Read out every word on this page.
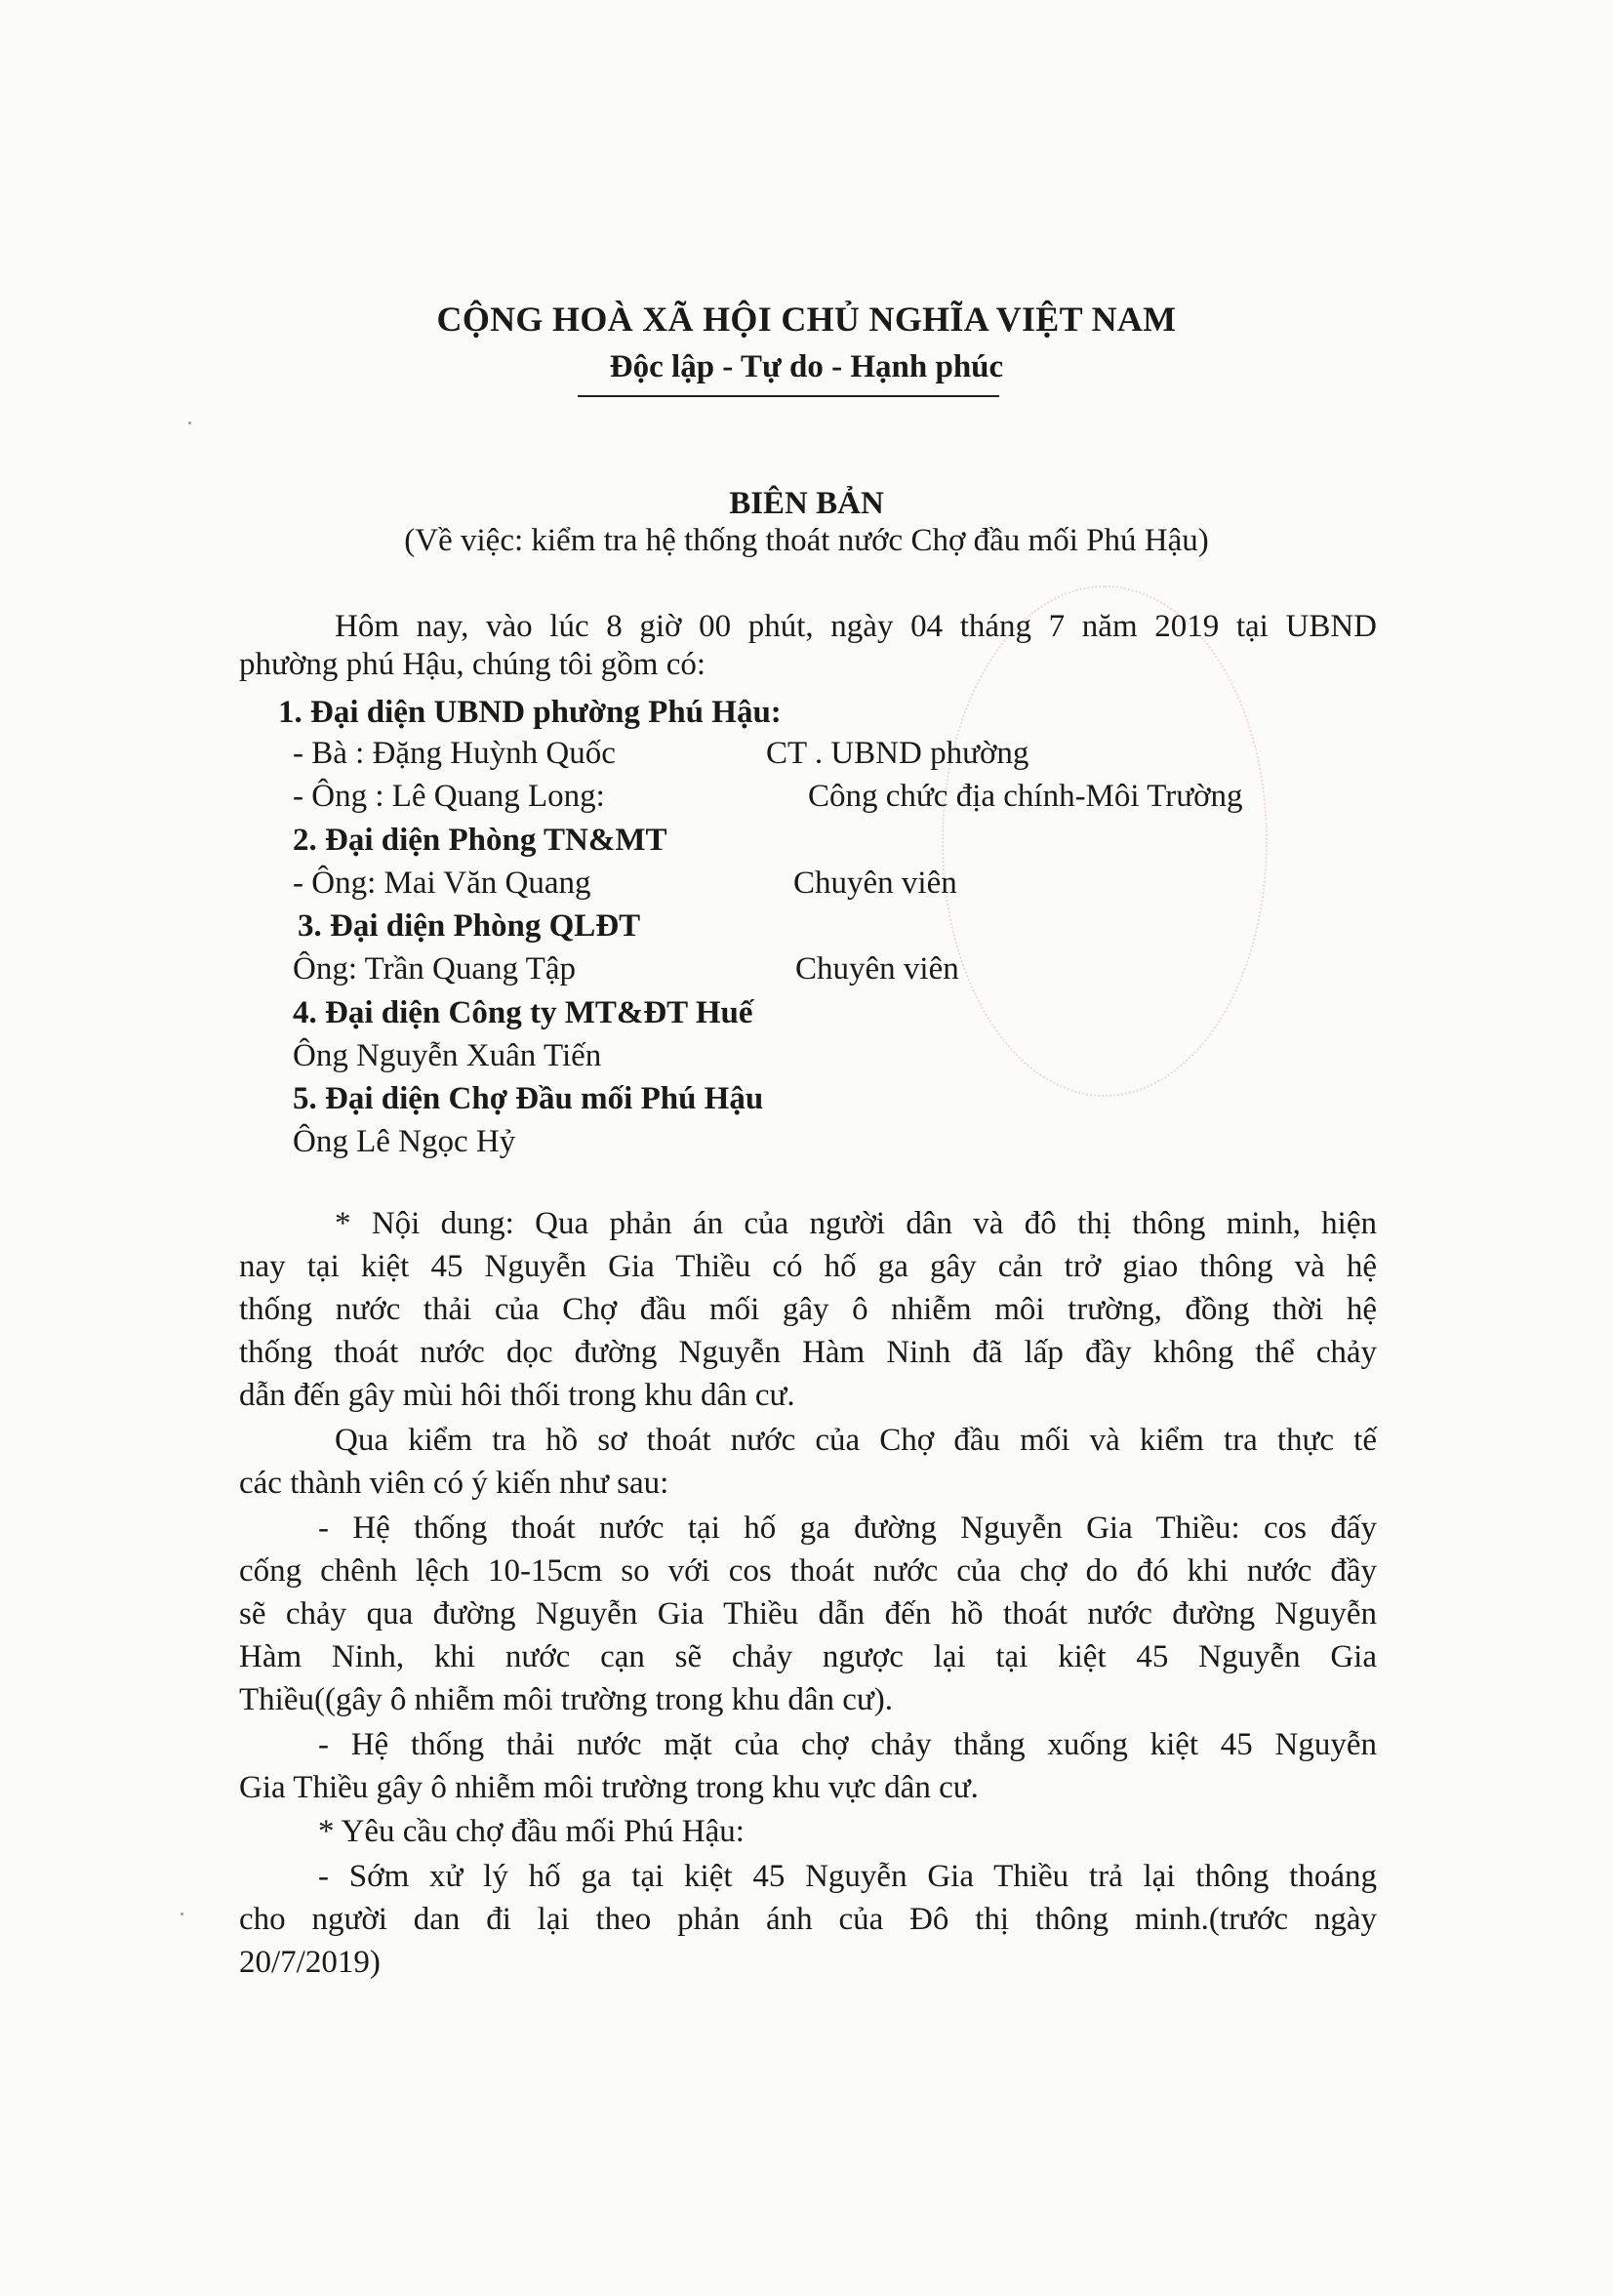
CỘNG HOÀ XÃ HỘI CHỦ NGHĨA VIỆT NAM
Độc lập - Tự do - Hạnh phúc
BIÊN BẢN
(Về việc: kiểm tra hệ thống thoát nước Chợ đầu mối Phú Hậu)
Hôm nay, vào lúc 8 giờ 00 phút, ngày 04 tháng 7 năm 2019 tại UBND
phường phú Hậu, chúng tôi gồm có:
1. Đại diện UBND phường Phú Hậu:
- Bà : Đặng Huỳnh Quốc	CT . UBND phường
- Ông : Lê Quang Long:	Công chức địa chính-Môi Trường
2. Đại diện Phòng TN&MT
- Ông: Mai Văn Quang	Chuyên viên
3. Đại diện Phòng QLĐT
Ông: Trần Quang Tập	Chuyên viên
4. Đại diện Công ty MT&ĐT Huế
Ông Nguyễn Xuân Tiến
5. Đại diện Chợ Đầu mối Phú Hậu
Ông Lê Ngọc Hỷ
* Nội dung: Qua phản án của người dân và đô thị thông minh, hiện
nay tại kiệt 45 Nguyễn Gia Thiều có hố ga gây cản trở giao thông và hệ
thống nước thải của Chợ đầu mối gây ô nhiễm môi trường, đồng thời hệ
thống thoát nước dọc đường Nguyễn Hàm Ninh đã lấp đầy không thể chảy
dẫn đến gây mùi hôi thối trong khu dân cư.
Qua kiểm tra hồ sơ thoát nước của Chợ đầu mối và kiểm tra thực tế
các thành viên có ý kiến như sau:
- Hệ thống thoát nước tại hố ga đường Nguyễn Gia Thiều: cos đấy
cống chênh lệch 10-15cm so với cos thoát nước của chợ do đó khi nước đầy
sẽ chảy qua đường Nguyễn Gia Thiều dẫn đến hồ thoát nước đường Nguyễn
Hàm Ninh, khi nước cạn sẽ chảy ngược lại tại kiệt 45 Nguyễn Gia
Thiều((gây ô nhiễm môi trường trong khu dân cư).
- Hệ thống thải nước mặt của chợ chảy thẳng xuống kiệt 45 Nguyễn
Gia Thiều gây ô nhiễm môi trường trong khu vực dân cư.
* Yêu cầu chợ đầu mối Phú Hậu:
- Sớm xử lý hố ga tại kiệt 45 Nguyễn Gia Thiều trả lại thông thoáng
cho người dan đi lại theo phản ánh của Đô thị thông minh.(trước ngày
20/7/2019)
